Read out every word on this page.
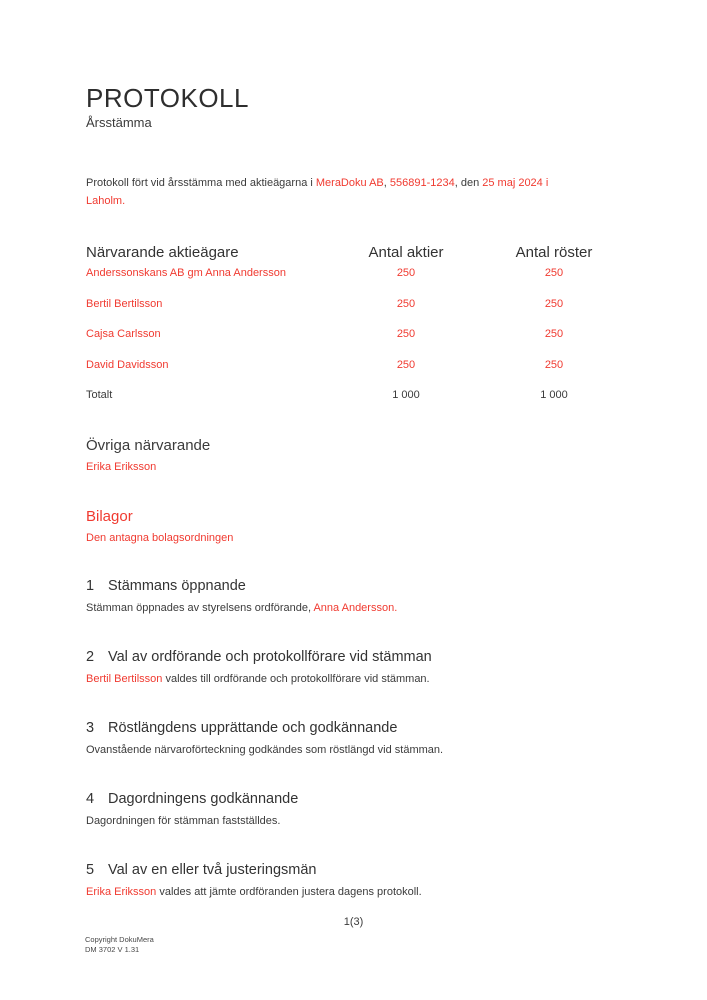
PROTOKOLL
Årsstämma

Protokoll fört vid årsstämma med aktieägarna i MeraDoku AB, 556891-1234, den 25 maj 2024 i
Laholm.

Närvarande aktieägare	Antal aktier	Antal röster
Anderssonskans AB gm Anna Andersson	250	250
Bertil Bertilsson	250	250
Cajsa Carlsson	250	250
David Davidsson	250	250
Totalt	1 000	1 000
Övriga närvarande
Erika Eriksson
Bilagor
Den antagna bolagsordningen
1 Stämmans öppnande

Stämman öppnades av styrelsens ordförande, Anna Andersson.

2 Val av ordförande och protokollförare vid stämman

Bertil Bertilsson valdes till ordförande och protokollförare vid stämman.

3 Röstlängdens upprättande och godkännande

Ovanstående närvaroförteckning godkändes som röstlängd vid stämman.

4 Dagordningens godkännande

Dagordningen för stämman fastställdes.

5 Val av en eller två justeringsmän

Erika Eriksson valdes att jämte ordföranden justera dagens protokoll.

1(3)
Copyright DokuMera
DM 3702 V 1.31
